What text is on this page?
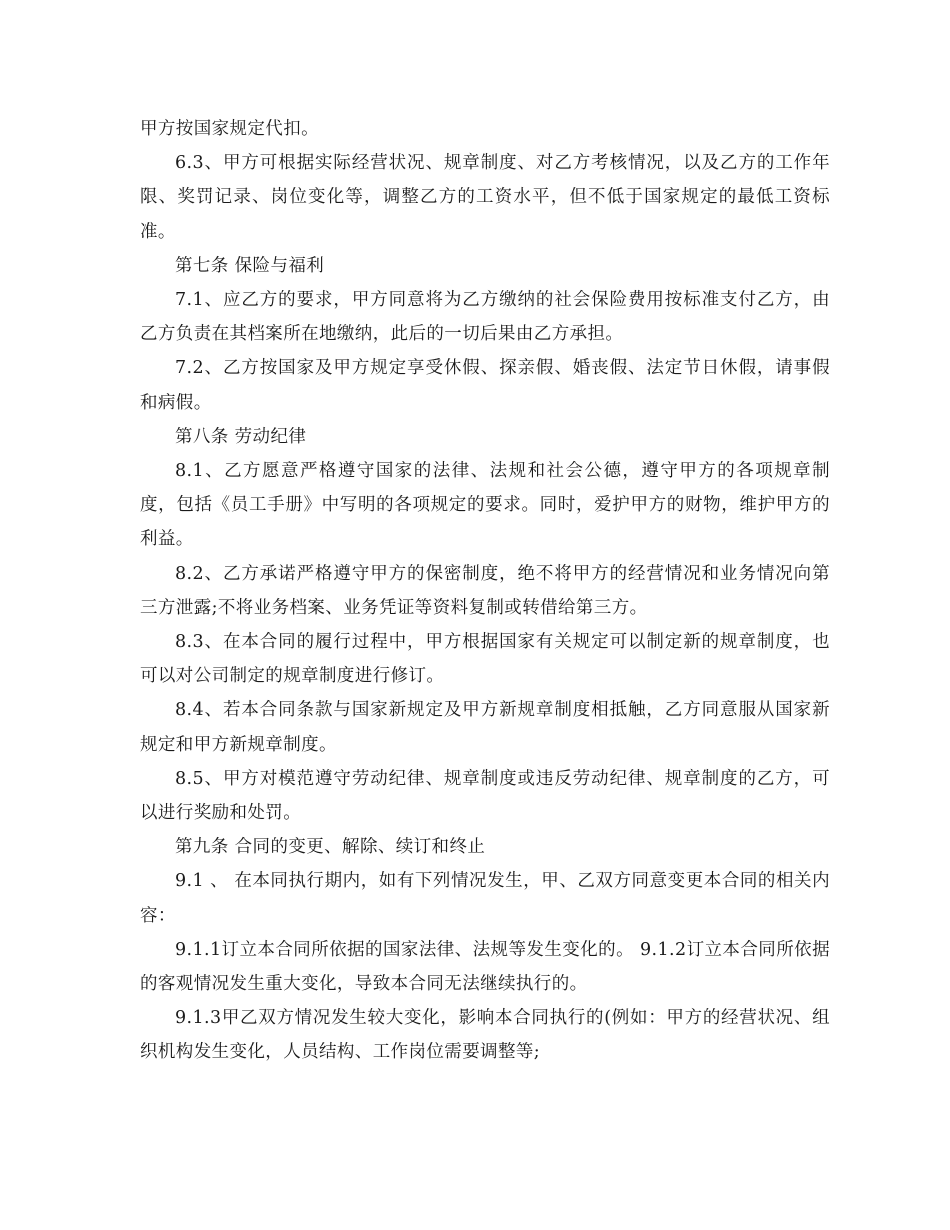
甲方按国家规定代扣。

6.3、甲方可根据实际经营状况、规章制度、对乙方考核情况，以及乙方的工作年限、奖罚记录、岗位变化等，调整乙方的工资水平，但不低于国家规定的最低工资标准。

第七条 保险与福利

7.1、应乙方的要求，甲方同意将为乙方缴纳的社会保险费用按标准支付乙方，由乙方负责在其档案所在地缴纳，此后的一切后果由乙方承担。

7.2、乙方按国家及甲方规定享受休假、探亲假、婚丧假、法定节日休假，请事假和病假。

第八条 劳动纪律

8.1、乙方愿意严格遵守国家的法律、法规和社会公德，遵守甲方的各项规章制度，包括《员工手册》中写明的各项规定的要求。同时，爱护甲方的财物，维护甲方的利益。

8.2、乙方承诺严格遵守甲方的保密制度，绝不将甲方的经营情况和业务情况向第三方泄露;不将业务档案、业务凭证等资料复制或转借给第三方。

8.3、在本合同的履行过程中，甲方根据国家有关规定可以制定新的规章制度，也可以对公司制定的规章制度进行修订。

8.4、若本合同条款与国家新规定及甲方新规章制度相抵触，乙方同意服从国家新规定和甲方新规章制度。

8.5、甲方对模范遵守劳动纪律、规章制度或违反劳动纪律、规章制度的乙方，可以进行奖励和处罚。

第九条 合同的变更、解除、续订和终止

9.1 、 在本同执行期内，如有下列情况发生，甲、乙双方同意变更本合同的相关内容：

9.1.1订立本合同所依据的国家法律、法规等发生变化的。 9.1.2订立本合同所依据的客观情况发生重大变化，导致本合同无法继续执行的。

9.1.3甲乙双方情况发生较大变化，影响本合同执行的(例如：甲方的经营状况、组织机构发生变化，人员结构、工作岗位需要调整等;
